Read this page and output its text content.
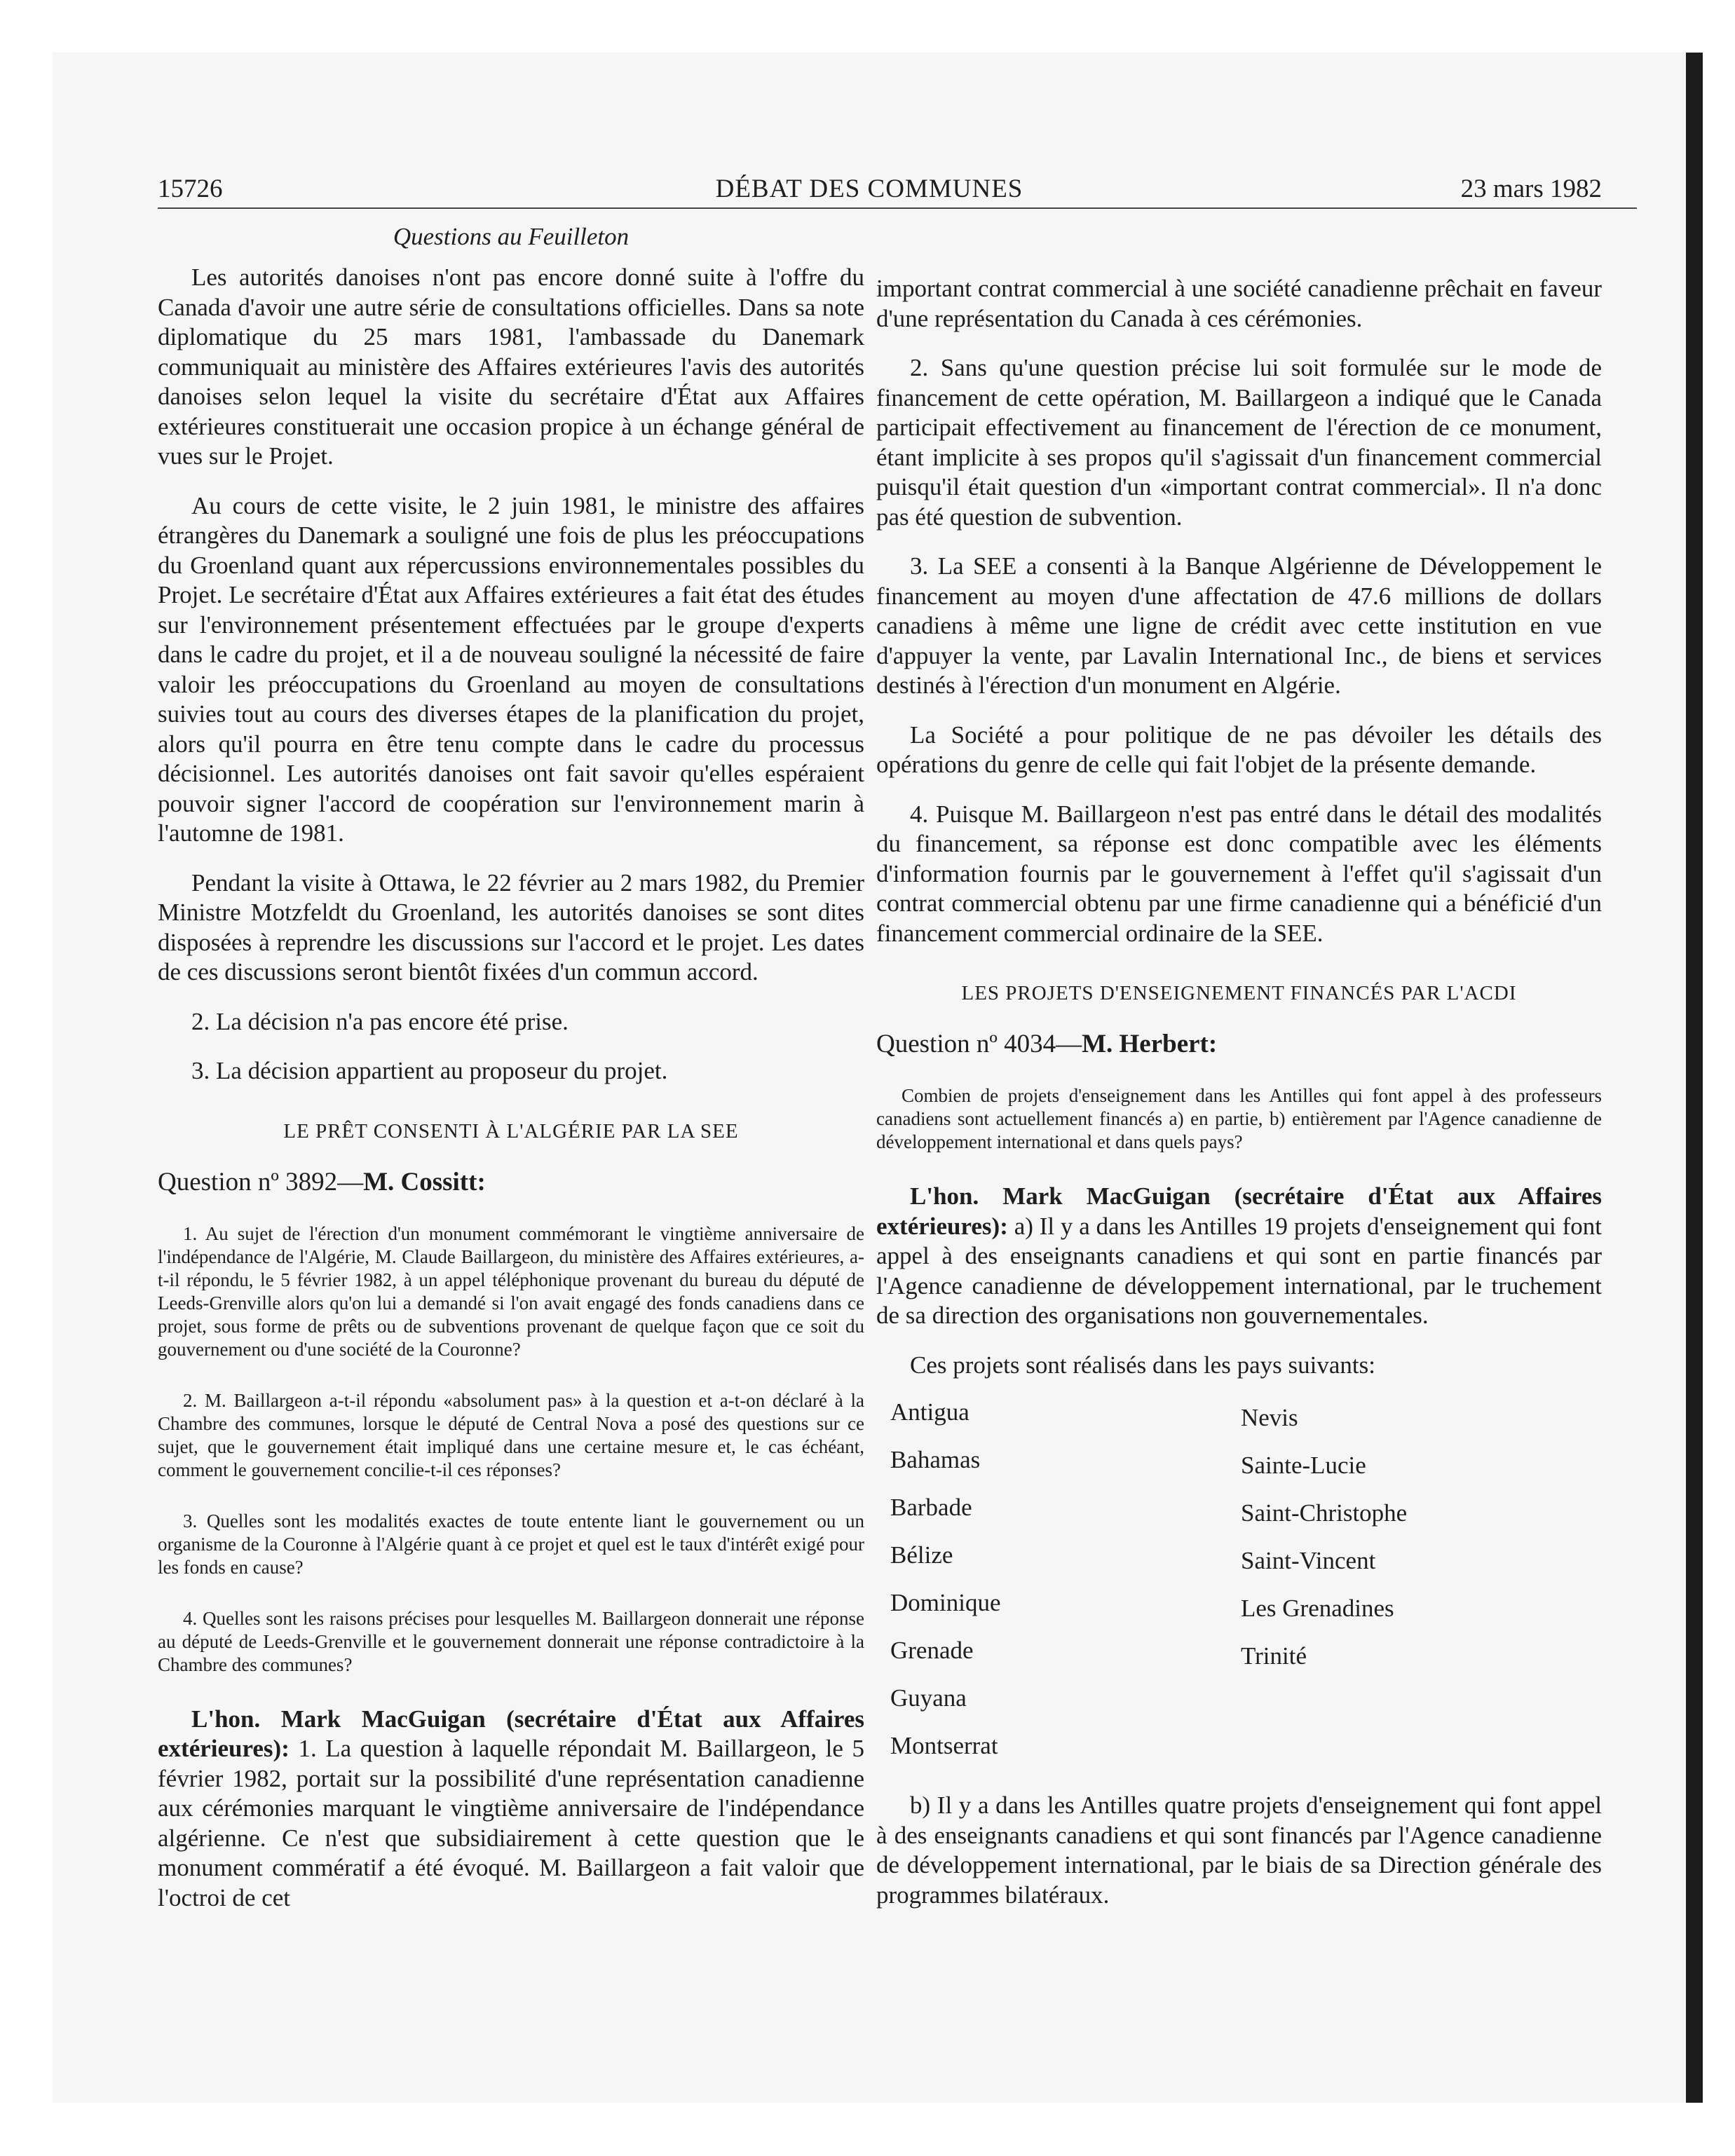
15726	DÉBAT DES COMMUNES	23 mars 1982
Questions au Feuilleton

Les autorités danoises n'ont pas encore donné suite à l'offre du Canada d'avoir une autre série de consultations officielles. Dans sa note diplomatique du 25 mars 1981, l'ambassade du Danemark communiquait au ministère des Affaires extérieures l'avis des autorités danoises selon lequel la visite du secrétaire d'État aux Affaires extérieures constituerait une occasion propice à un échange général de vues sur le Projet.

Au cours de cette visite, le 2 juin 1981, le ministre des affaires étrangères du Danemark a souligné une fois de plus les préoccupations du Groenland quant aux répercussions environnementales possibles du Projet. Le secrétaire d'État aux Affaires extérieures a fait état des études sur l'environnement présentement effectuées par le groupe d'experts dans le cadre du projet, et il a de nouveau souligné la nécessité de faire valoir les préoccupations du Groenland au moyen de consultations suivies tout au cours des diverses étapes de la planification du projet, alors qu'il pourra en être tenu compte dans le cadre du processus décisionnel. Les autorités danoises ont fait savoir qu'elles espéraient pouvoir signer l'accord de coopération sur l'environnement marin à l'automne de 1981.

Pendant la visite à Ottawa, le 22 février au 2 mars 1982, du Premier Ministre Motzfeldt du Groenland, les autorités danoises se sont dites disposées à reprendre les discussions sur l'accord et le projet. Les dates de ces discussions seront bientôt fixées d'un commun accord.

2. La décision n'a pas encore été prise.

3. La décision appartient au proposeur du projet.

LE PRÊT CONSENTI À L'ALGÉRIE PAR LA SEE

Question nº 3892—M. Cossitt:

1. Au sujet de l'érection d'un monument commémorant le vingtième anniversaire de l'indépendance de l'Algérie, M. Claude Baillargeon, du ministère des Affaires extérieures, a-t-il répondu, le 5 février 1982, à un appel téléphonique provenant du bureau du député de Leeds-Grenville alors qu'on lui a demandé si l'on avait engagé des fonds canadiens dans ce projet, sous forme de prêts ou de subventions provenant de quelque façon que ce soit du gouvernement ou d'une société de la Couronne?

2. M. Baillargeon a-t-il répondu «absolument pas» à la question et a-t-on déclaré à la Chambre des communes, lorsque le député de Central Nova a posé des questions sur ce sujet, que le gouvernement était impliqué dans une certaine mesure et, le cas échéant, comment le gouvernement concilie-t-il ces réponses?

3. Quelles sont les modalités exactes de toute entente liant le gouvernement ou un organisme de la Couronne à l'Algérie quant à ce projet et quel est le taux d'intérêt exigé pour les fonds en cause?

4. Quelles sont les raisons précises pour lesquelles M. Baillargeon donnerait une réponse au député de Leeds-Grenville et le gouvernement donnerait une réponse contradictoire à la Chambre des communes?

L'hon. Mark MacGuigan (secrétaire d'État aux Affaires extérieures): 1. La question à laquelle répondait M. Baillargeon, le 5 février 1982, portait sur la possibilité d'une représentation canadienne aux cérémonies marquant le vingtième anniversaire de l'indépendance algérienne. Ce n'est que subsidiairement à cette question que le monument commératif a été évoqué. M. Baillargeon a fait valoir que l'octroi de cet

important contrat commercial à une société canadienne prêchait en faveur d'une représentation du Canada à ces cérémonies.

2. Sans qu'une question précise lui soit formulée sur le mode de financement de cette opération, M. Baillargeon a indiqué que le Canada participait effectivement au financement de l'érection de ce monument, étant implicite à ses propos qu'il s'agissait d'un financement commercial puisqu'il était question d'un «important contrat commercial». Il n'a donc pas été question de subvention.

3. La SEE a consenti à la Banque Algérienne de Développement le financement au moyen d'une affectation de 47.6 millions de dollars canadiens à même une ligne de crédit avec cette institution en vue d'appuyer la vente, par Lavalin International Inc., de biens et services destinés à l'érection d'un monument en Algérie.

La Société a pour politique de ne pas dévoiler les détails des opérations du genre de celle qui fait l'objet de la présente demande.

4. Puisque M. Baillargeon n'est pas entré dans le détail des modalités du financement, sa réponse est donc compatible avec les éléments d'information fournis par le gouvernement à l'effet qu'il s'agissait d'un contrat commercial obtenu par une firme canadienne qui a bénéficié d'un financement commercial ordinaire de la SEE.

LES PROJETS D'ENSEIGNEMENT FINANCÉS PAR L'ACDI

Question nº 4034—M. Herbert:

Combien de projets d'enseignement dans les Antilles qui font appel à des professeurs canadiens sont actuellement financés a) en partie, b) entièrement par l'Agence canadienne de développement international et dans quels pays?

L'hon. Mark MacGuigan (secrétaire d'État aux Affaires extérieures): a) Il y a dans les Antilles 19 projets d'enseignement qui font appel à des enseignants canadiens et qui sont en partie financés par l'Agence canadienne de développement international, par le truchement de sa direction des organisations non gouvernementales.

Ces projets sont réalisés dans les pays suivants:

Antigua
Bahamas
Barbade
Bélize
Dominique
Grenade
Guyana
Montserrat
Nevis
Sainte-Lucie
Saint-Christophe
Saint-Vincent
Les Grenadines
Trinité

b) Il y a dans les Antilles quatre projets d'enseignement qui font appel à des enseignants canadiens et qui sont financés par l'Agence canadienne de développement international, par le biais de sa Direction générale des programmes bilatéraux.
